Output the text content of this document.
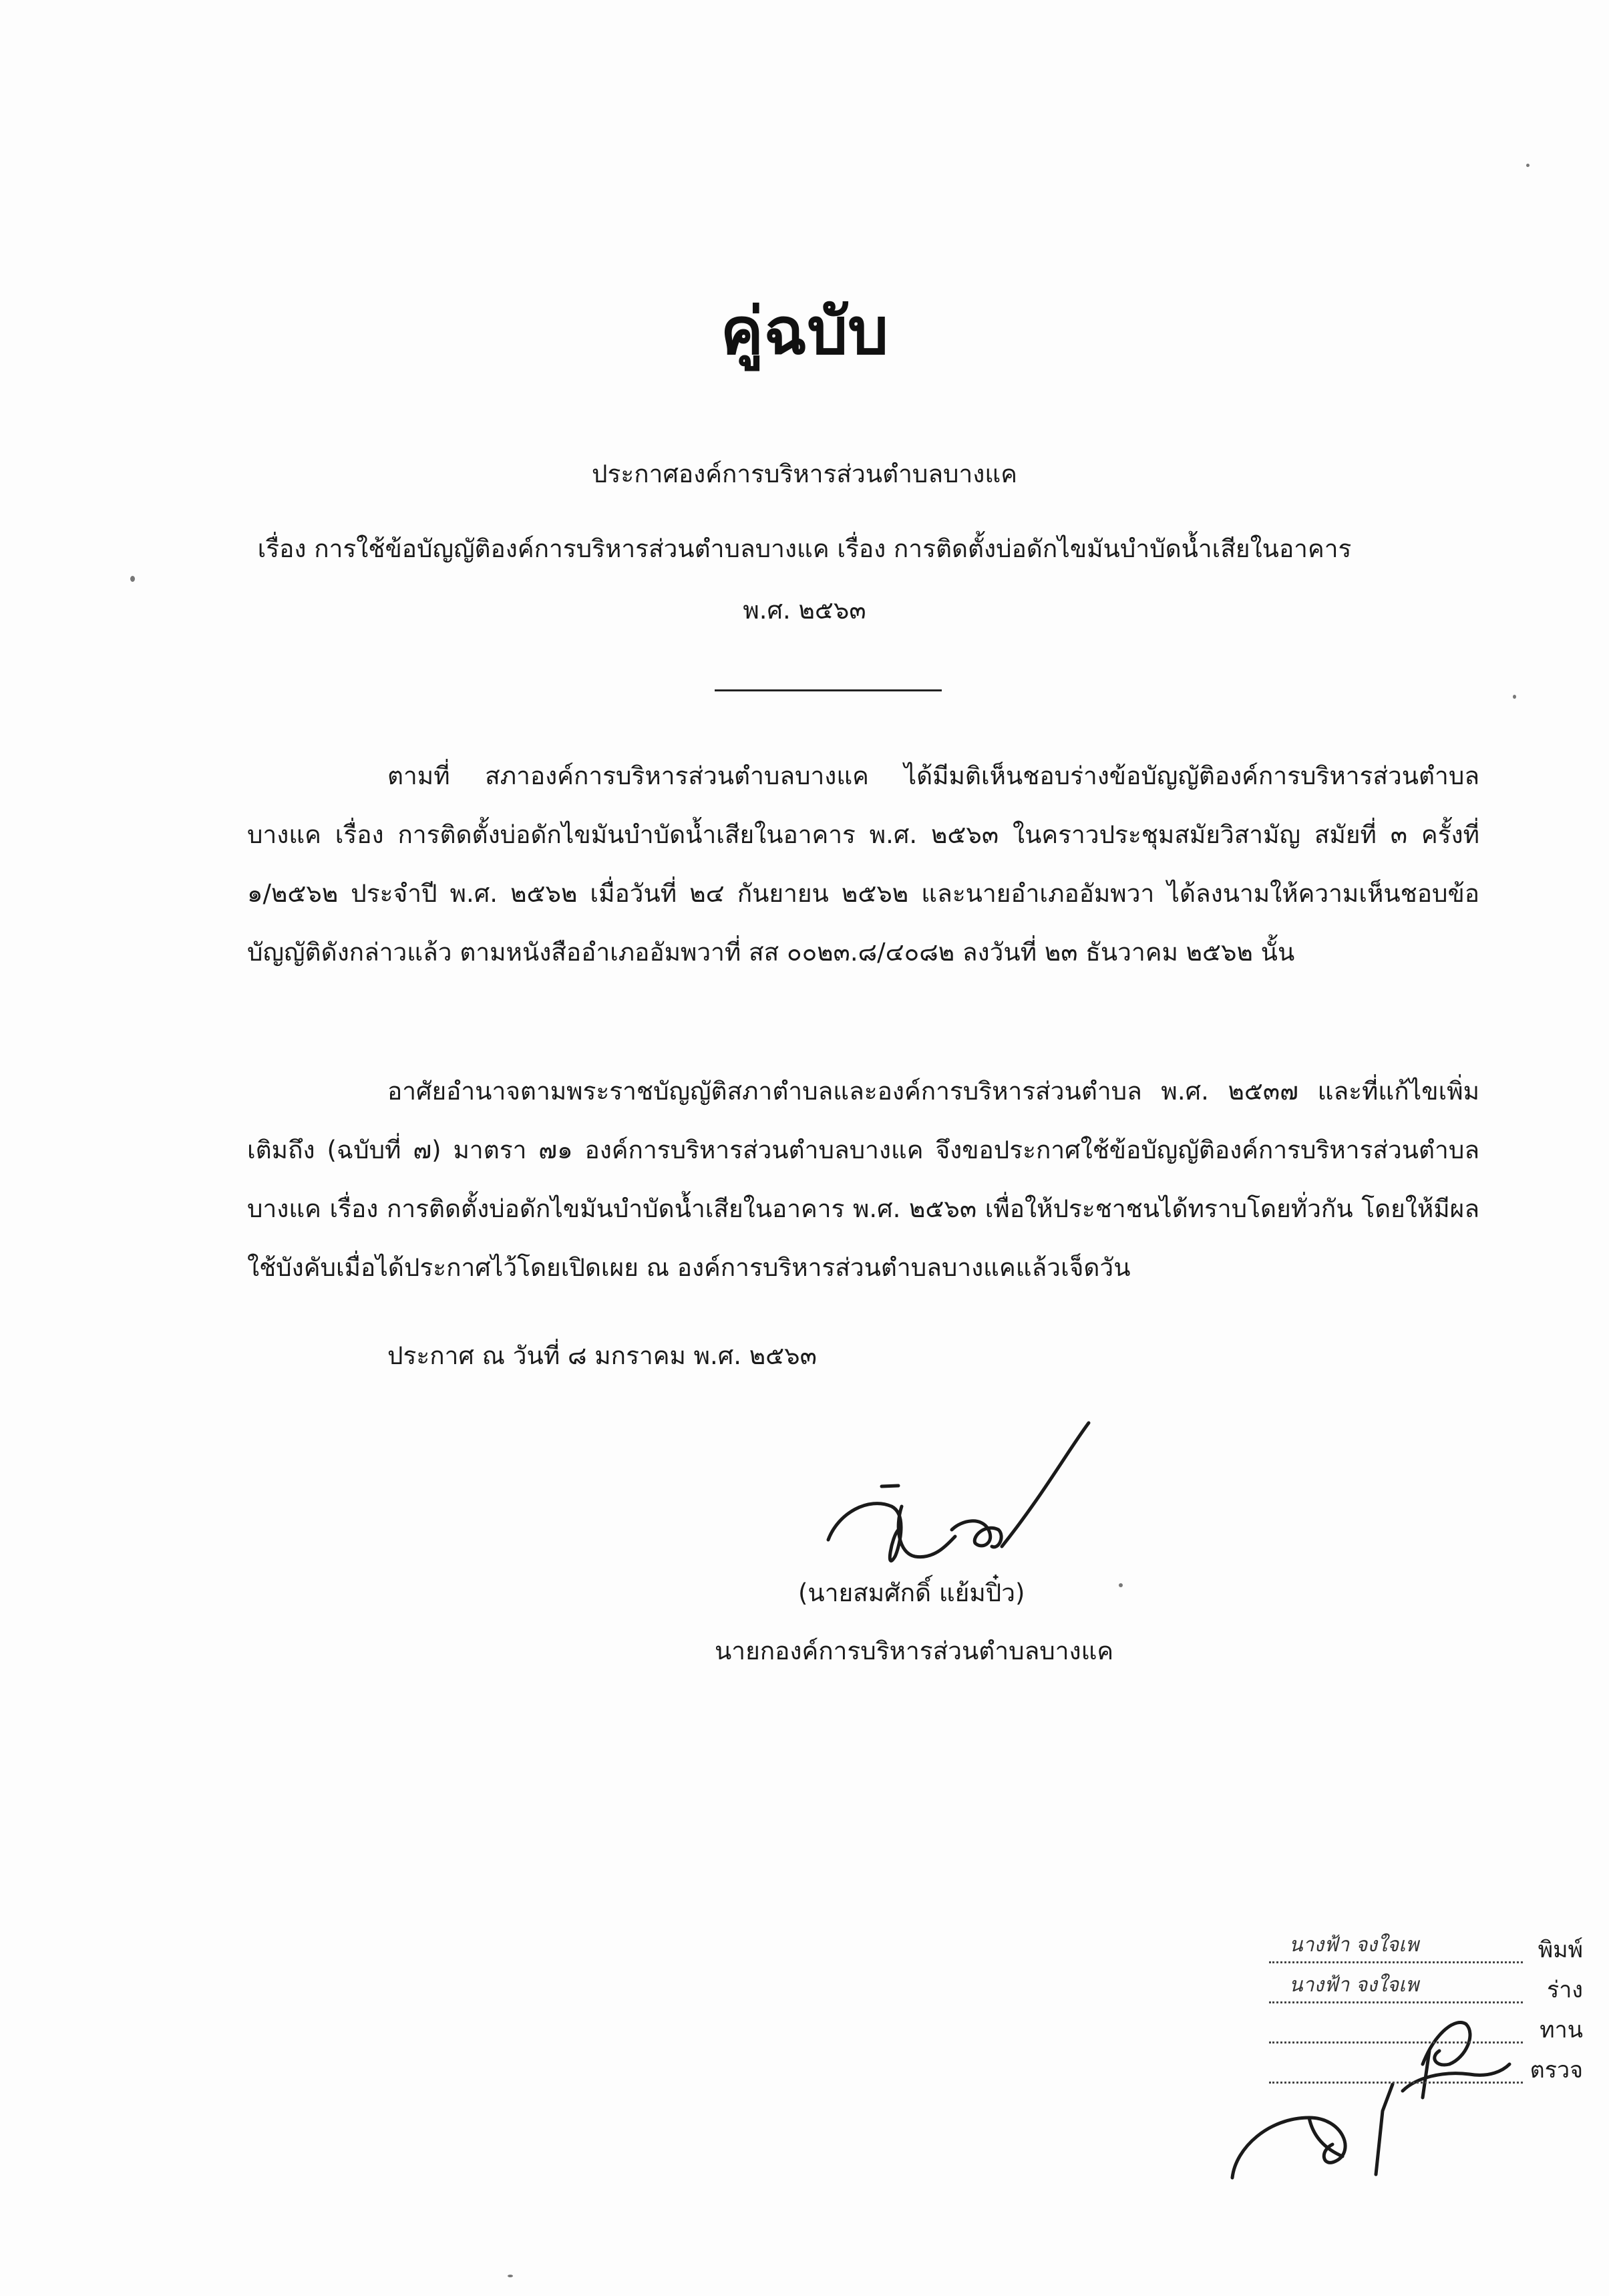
คู่ฉบับ
ประกาศองค์การบริหารส่วนตำบลบางแค
เรื่อง การใช้ข้อบัญญัติองค์การบริหารส่วนตำบลบางแค เรื่อง การติดตั้งบ่อดักไขมันบำบัดน้ำเสียในอาคาร
พ.ศ. ๒๕๖๓
ตามที่ สภาองค์การบริหารส่วนตำบลบางแค ได้มีมติเห็นชอบร่างข้อบัญญัติองค์การบริหารส่วนตำบลบางแค เรื่อง การติดตั้งบ่อดักไขมันบำบัดน้ำเสียในอาคาร พ.ศ. ๒๕๖๓ ในคราวประชุมสมัยวิสามัญ สมัยที่ ๓ ครั้งที่ ๑/๒๕๖๒ ประจำปี พ.ศ. ๒๕๖๒ เมื่อวันที่ ๒๔ กันยายน ๒๕๖๒ และนายอำเภออัมพวา ได้ลงนามให้ความเห็นชอบข้อบัญญัติดังกล่าวแล้ว ตามหนังสืออำเภออัมพวาที่ สส ๐๐๒๓.๘/๔๐๘๒ ลงวันที่ ๒๓ ธันวาคม ๒๕๖๒ นั้น
อาศัยอำนาจตามพระราชบัญญัติสภาตำบลและองค์การบริหารส่วนตำบล พ.ศ. ๒๕๓๗ และที่แก้ไขเพิ่มเติมถึง (ฉบับที่ ๗) มาตรา ๗๑ องค์การบริหารส่วนตำบลบางแค จึงขอประกาศใช้ข้อบัญญัติองค์การบริหารส่วนตำบลบางแค เรื่อง การติดตั้งบ่อดักไขมันบำบัดน้ำเสียในอาคาร พ.ศ. ๒๕๖๓ เพื่อให้ประชาชนได้ทราบโดยทั่วกัน โดยให้มีผลใช้บังคับเมื่อได้ประกาศไว้โดยเปิดเผย ณ องค์การบริหารส่วนตำบลบางแคแล้วเจ็ดวัน
ประกาศ ณ วันที่ ๘ มกราคม พ.ศ. ๒๕๖๓
(นายสมศักดิ์ แย้มปิ๋ว)
นายกองค์การบริหารส่วนตำบลบางแค
นางฟ้า จงใจเพ	พิมพ์
นางฟ้า จงใจเพ	ร่าง
ทาน
ตรวจ
